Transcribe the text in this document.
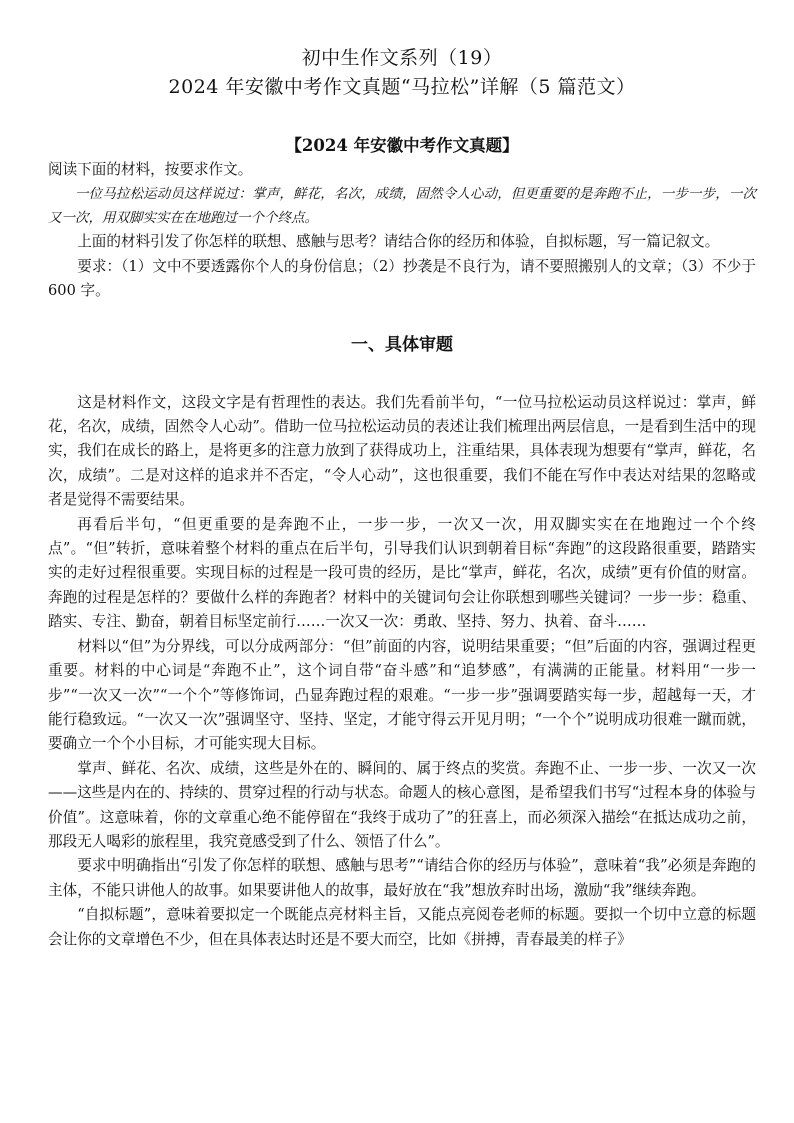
初中生作文系列（19）
2024 年安徽中考作文真题“马拉松”详解（5 篇范文）
【2024 年安徽中考作文真题】

阅读下面的材料，按要求作文。

一位马拉松运动员这样说过：掌声，鲜花，名次，成绩，固然令人心动，但更重要的是奔跑不止，一步一步，一次又一次，用双脚实实在在地跑过一个个终点。

上面的材料引发了你怎样的联想、感触与思考？请结合你的经历和体验，自拟标题，写一篇记叙文。

要求：（1）文中不要透露你个人的身份信息；（2）抄袭是不良行为，请不要照搬别人的文章；（3）不少于 600 字。

一、具体审题

这是材料作文，这段文字是有哲理性的表达。我们先看前半句，“一位马拉松运动员这样说过：掌声，鲜花，名次，成绩，固然令人心动”。借助一位马拉松运动员的表述让我们梳理出两层信息，一是看到生活中的现实，我们在成长的路上，是将更多的注意力放到了获得成功上，注重结果，具体表现为想要有“掌声，鲜花，名次，成绩”。二是对这样的追求并不否定，“令人心动”，这也很重要，我们不能在写作中表达对结果的忽略或者是觉得不需要结果。

再看后半句，“但更重要的是奔跑不止，一步一步，一次又一次，用双脚实实在在地跑过一个个终点”。“但”转折，意味着整个材料的重点在后半句，引导我们认识到朝着目标“奔跑”的这段路很重要，踏踏实实的走好过程很重要。实现目标的过程是一段可贵的经历，是比“掌声，鲜花，名次，成绩”更有价值的财富。奔跑的过程是怎样的？要做什么样的奔跑者？材料中的关键词句会让你联想到哪些关键词？一步一步：稳重、踏实、专注、勤奋，朝着目标坚定前行……一次又一次：勇敢、坚持、努力、执着、奋斗……

材料以“但”为分界线，可以分成两部分：“但”前面的内容，说明结果重要；“但”后面的内容，强调过程更重要。材料的中心词是“奔跑不止”，这个词自带“奋斗感”和“追梦感”，有满满的正能量。材料用“一步一步”“一次又一次”“一个个”等修饰词，凸显奔跑过程的艰难。“一步一步”强调要踏实每一步，超越每一天，才能行稳致远。“一次又一次”强调坚守、坚持、坚定，才能守得云开见月明；“一个个”说明成功很难一蹴而就，要确立一个个小目标，才可能实现大目标。

掌声、鲜花、名次、成绩，这些是外在的、瞬间的、属于终点的奖赏。奔跑不止、一步一步、一次又一次——这些是内在的、持续的、贯穿过程的行动与状态。命题人的核心意图，是希望我们书写“过程本身的体验与价值”。这意味着，你的文章重心绝不能停留在“我终于成功了”的狂喜上，而必须深入描绘“在抵达成功之前，那段无人喝彩的旅程里，我究竟感受到了什么、领悟了什么”。

要求中明确指出“引发了你怎样的联想、感触与思考”“请结合你的经历与体验”，意味着“我”必须是奔跑的主体，不能只讲他人的故事。如果要讲他人的故事，最好放在“我”想放弃时出场，激励“我”继续奔跑。

“自拟标题”，意味着要拟定一个既能点亮材料主旨，又能点亮阅卷老师的标题。要拟一个切中立意的标题会让你的文章增色不少，但在具体表达时还是不要大而空，比如《拼搏，青春最美的样子》
